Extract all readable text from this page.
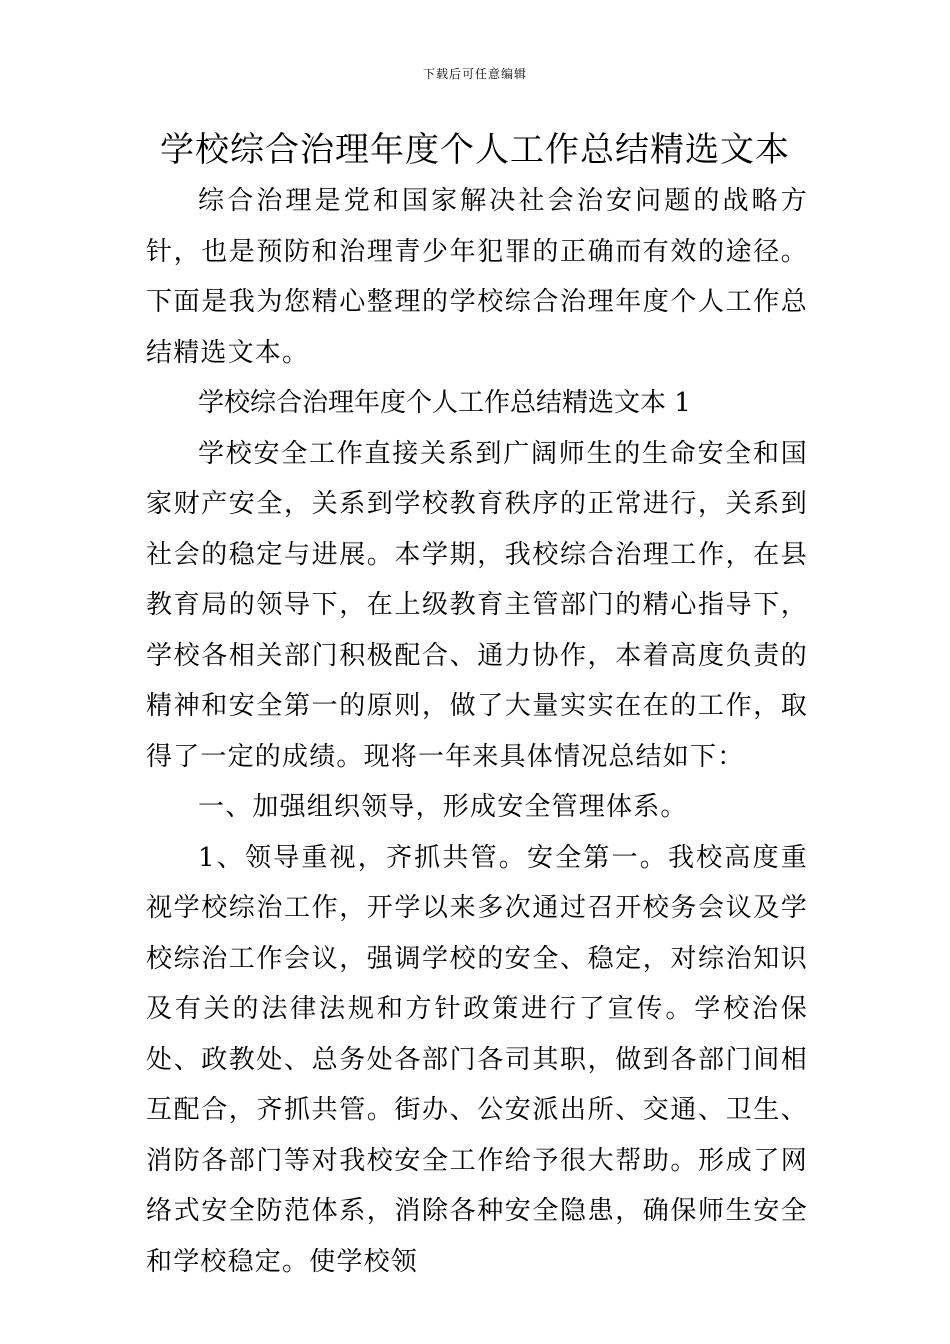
下载后可任意编辑
学校综合治理年度个人工作总结精选文本

综合治理是党和国家解决社会治安问题的战略方针，也是预防和治理青少年犯罪的正确而有效的途径。下面是我为您精心整理的学校综合治理年度个人工作总结精选文本。

学校综合治理年度个人工作总结精选文本 1

学校安全工作直接关系到广阔师生的生命安全和国家财产安全，关系到学校教育秩序的正常进行，关系到社会的稳定与进展。本学期，我校综合治理工作，在县教育局的领导下，在上级教育主管部门的精心指导下，学校各相关部门积极配合、通力协作，本着高度负责的精神和安全第一的原则，做了大量实实在在的工作，取得了一定的成绩。现将一年来具体情况总结如下：

一、加强组织领导，形成安全管理体系。

1、领导重视，齐抓共管。安全第一。我校高度重视学校综治工作，开学以来多次通过召开校务会议及学校综治工作会议，强调学校的安全、稳定，对综治知识及有关的法律法规和方针政策进行了宣传。学校治保处、政教处、总务处各部门各司其职，做到各部门间相互配合，齐抓共管。街办、公安派出所、交通、卫生、消防各部门等对我校安全工作给予很大帮助。形成了网络式安全防范体系，消除各种安全隐患，确保师生安全和学校稳定。使学校领
